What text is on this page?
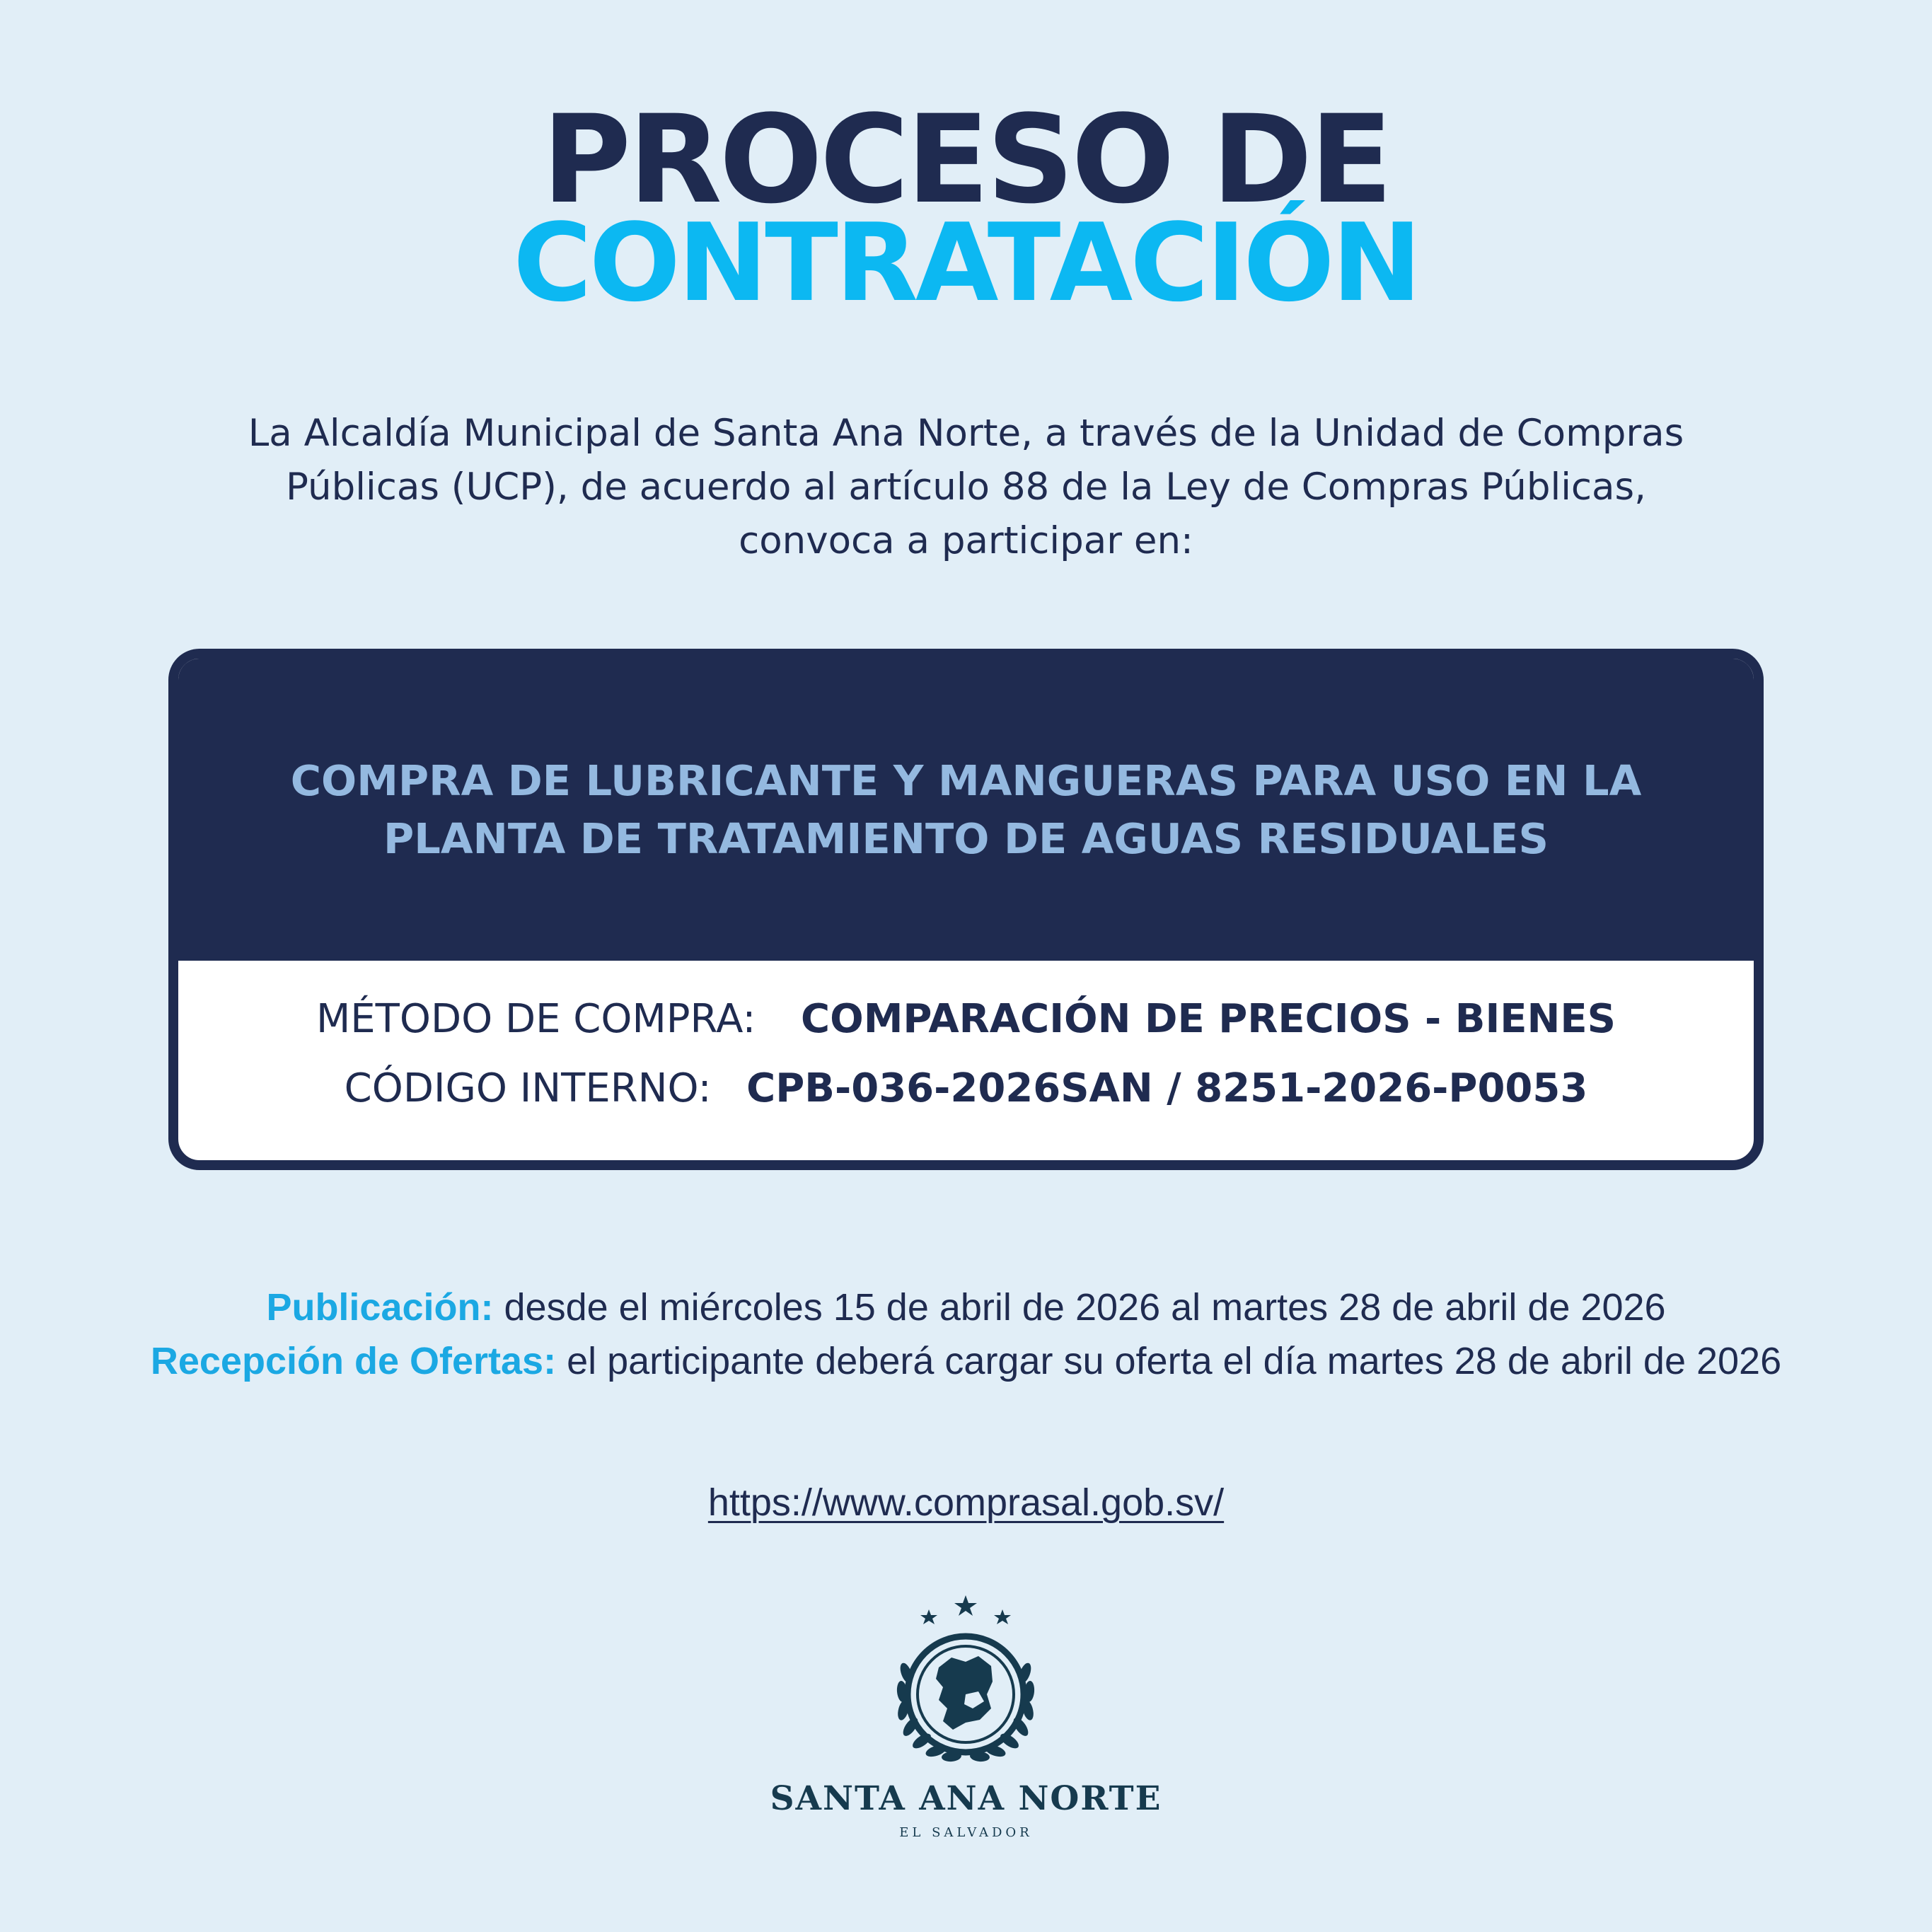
PROCESO DE
CONTRATACIÓN

La Alcaldía Municipal de Santa Ana Norte, a través de la Unidad de Compras Públicas (UCP), de acuerdo al artículo 88 de la Ley de Compras Públicas, convoca a participar en:

COMPRA DE LUBRICANTE Y MANGUERAS PARA USO EN LA PLANTA DE TRATAMIENTO DE AGUAS RESIDUALES

MÉTODO DE COMPRA: COMPARACIÓN DE PRECIOS - BIENES
CÓDIGO INTERNO: CPB-036-2026SAN / 8251-2026-P0053
Publicación: desde el miércoles 15 de abril de 2026 al martes 28 de abril de 2026
Recepción de Ofertas: el participante deberá cargar su oferta el día martes 28 de abril de 2026
https://www.comprasal.gob.sv/
SANTA ANA NORTE
EL SALVADOR
